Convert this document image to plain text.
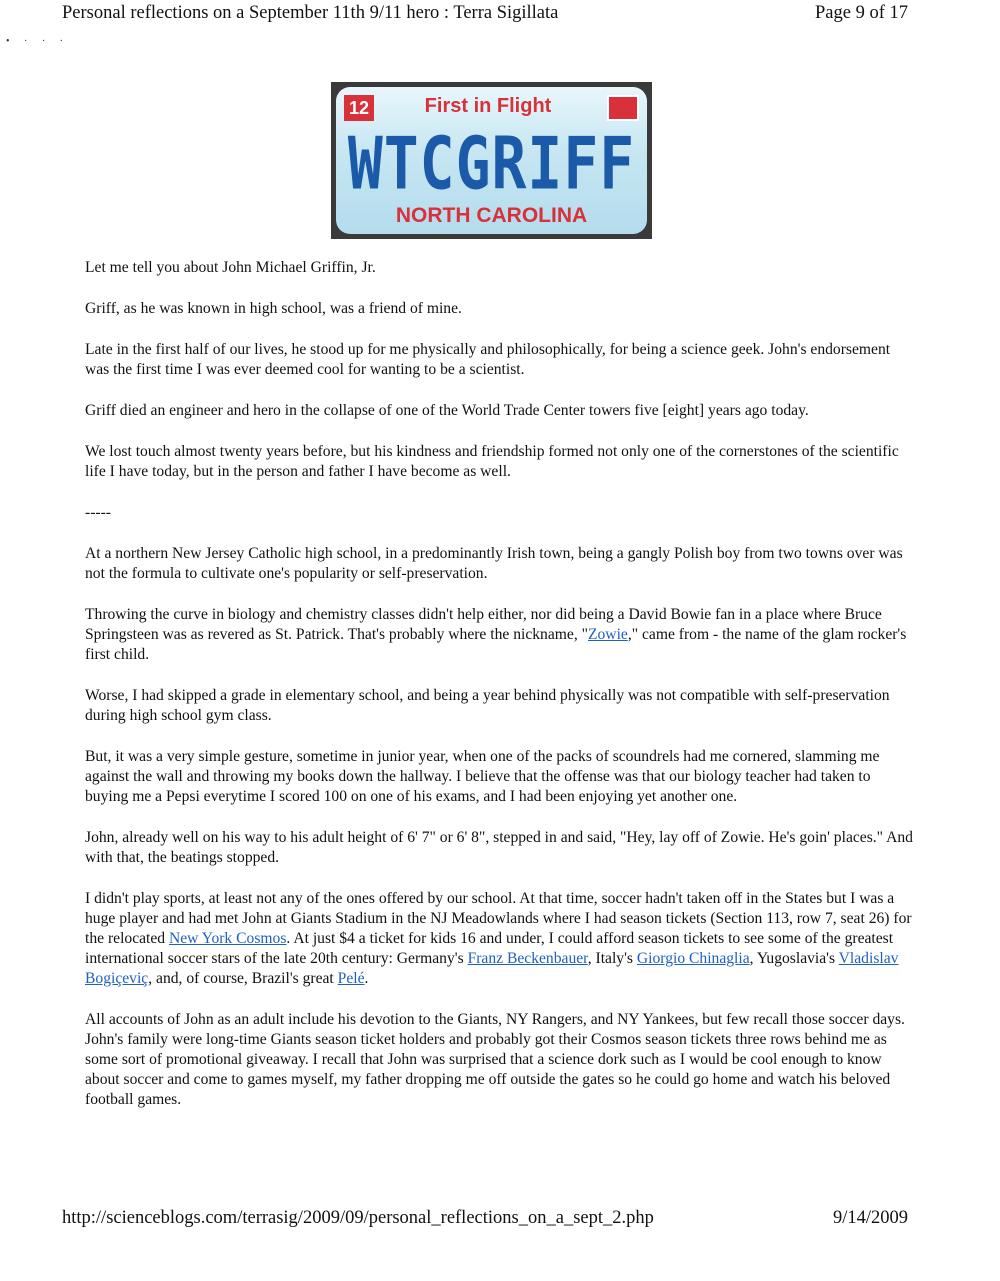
Personal reflections on a September 11th 9/11 hero : Terra Sigillata	Page 9 of 17
• · · ·
12	First in Flight
WTCGRIFF
NORTH CAROLINA

Let me tell you about John Michael Griffin, Jr.

Griff, as he was known in high school, was a friend of mine.

Late in the first half of our lives, he stood up for me physically and philosophically, for being a science geek. John's endorsement was the first time I was ever deemed cool for wanting to be a scientist.

Griff died an engineer and hero in the collapse of one of the World Trade Center towers five [eight] years ago today.

We lost touch almost twenty years before, but his kindness and friendship formed not only one of the cornerstones of the scientific life I have today, but in the person and father I have become as well.

-----

At a northern New Jersey Catholic high school, in a predominantly Irish town, being a gangly Polish boy from two towns over was not the formula to cultivate one's popularity or self-preservation.

Throwing the curve in biology and chemistry classes didn't help either, nor did being a David Bowie fan in a place where Bruce Springsteen was as revered as St. Patrick. That's probably where the nickname, "Zowie," came from - the name of the glam rocker's first child.

Worse, I had skipped a grade in elementary school, and being a year behind physically was not compatible with self-preservation during high school gym class.

But, it was a very simple gesture, sometime in junior year, when one of the packs of scoundrels had me cornered, slamming me against the wall and throwing my books down the hallway. I believe that the offense was that our biology teacher had taken to buying me a Pepsi everytime I scored 100 on one of his exams, and I had been enjoying yet another one.

John, already well on his way to his adult height of 6' 7" or 6' 8", stepped in and said, "Hey, lay off of Zowie. He's goin' places." And with that, the beatings stopped.

I didn't play sports, at least not any of the ones offered by our school. At that time, soccer hadn't taken off in the States but I was a huge player and had met John at Giants Stadium in the NJ Meadowlands where I had season tickets (Section 113, row 7, seat 26) for the relocated New York Cosmos. At just $4 a ticket for kids 16 and under, I could afford season tickets to see some of the greatest international soccer stars of the late 20th century: Germany's Franz Beckenbauer, Italy's Giorgio Chinaglia, Yugoslavia's Vladislav Bogiçeviç, and, of course, Brazil's great Pelé.

All accounts of John as an adult include his devotion to the Giants, NY Rangers, and NY Yankees, but few recall those soccer days. John's family were long-time Giants season ticket holders and probably got their Cosmos season tickets three rows behind me as some sort of promotional giveaway. I recall that John was surprised that a science dork such as I would be cool enough to know about soccer and come to games myself, my father dropping me off outside the gates so he could go home and watch his beloved football games.

http://scienceblogs.com/terrasig/2009/09/personal_reflections_on_a_sept_2.php	9/14/2009
